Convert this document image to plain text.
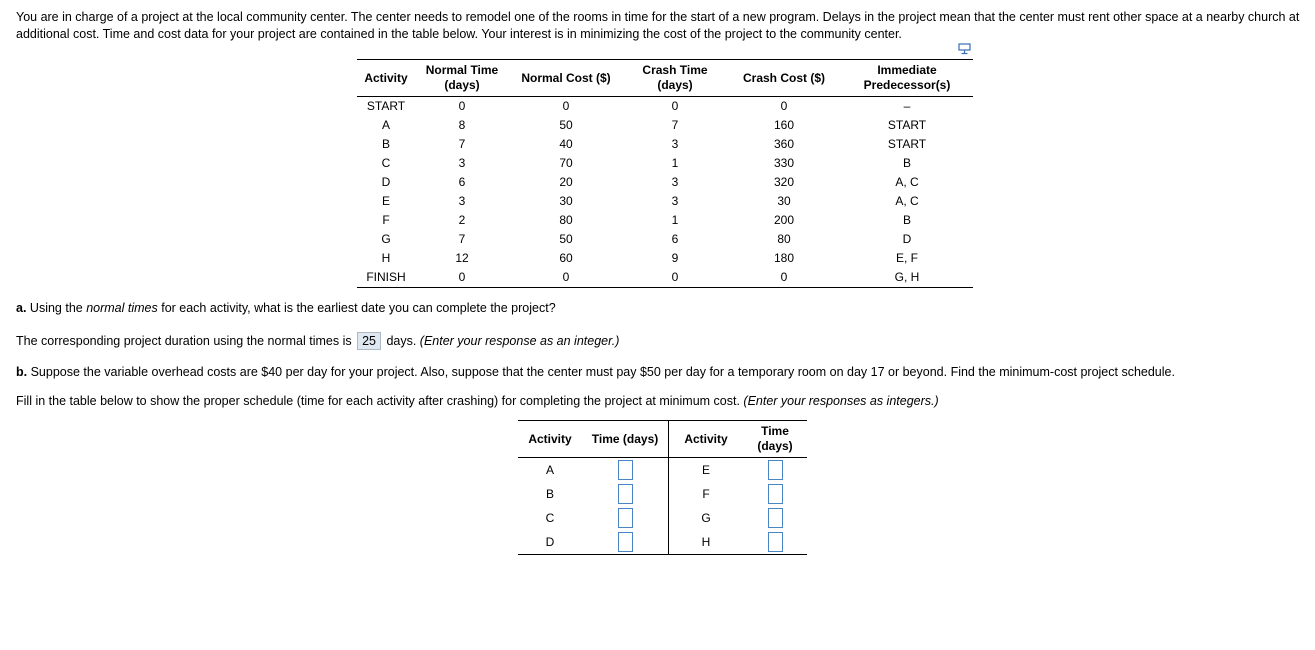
You are in charge of a project at the local community center. The center needs to remodel one of the rooms in time for the start of a new program. Delays in the project mean that the center must rent other space at a nearby church at additional cost. Time and cost data for your project are contained in the table below. Your interest is in minimizing the cost of the project to the community center.

Activity	Normal Time (days)	Normal Cost ($)	Crash Time (days)	Crash Cost ($)	Immediate Predecessor(s)
START	0	0	0	0	–
A	8	50	7	160	START
B	7	40	3	360	START
C	3	70	1	330	B
D	6	20	3	320	A, C
E	3	30	3	30	A, C
F	2	80	1	200	B
G	7	50	6	80	D
H	12	60	9	180	E, F
FINISH	0	0	0	0	G, H

a. Using the normal times for each activity, what is the earliest date you can complete the project?

The corresponding project duration using the normal times is 25 days. (Enter your response as an integer.)

b. Suppose the variable overhead costs are $40 per day for your project. Also, suppose that the center must pay $50 per day for a temporary room on day 17 or beyond. Find the minimum-cost project schedule.

Fill in the table below to show the proper schedule (time for each activity after crashing) for completing the project at minimum cost. (Enter your responses as integers.)

Activity	Time (days)	Activity	Time (days)
A		E	
B		F	
C		G	
D		H	
